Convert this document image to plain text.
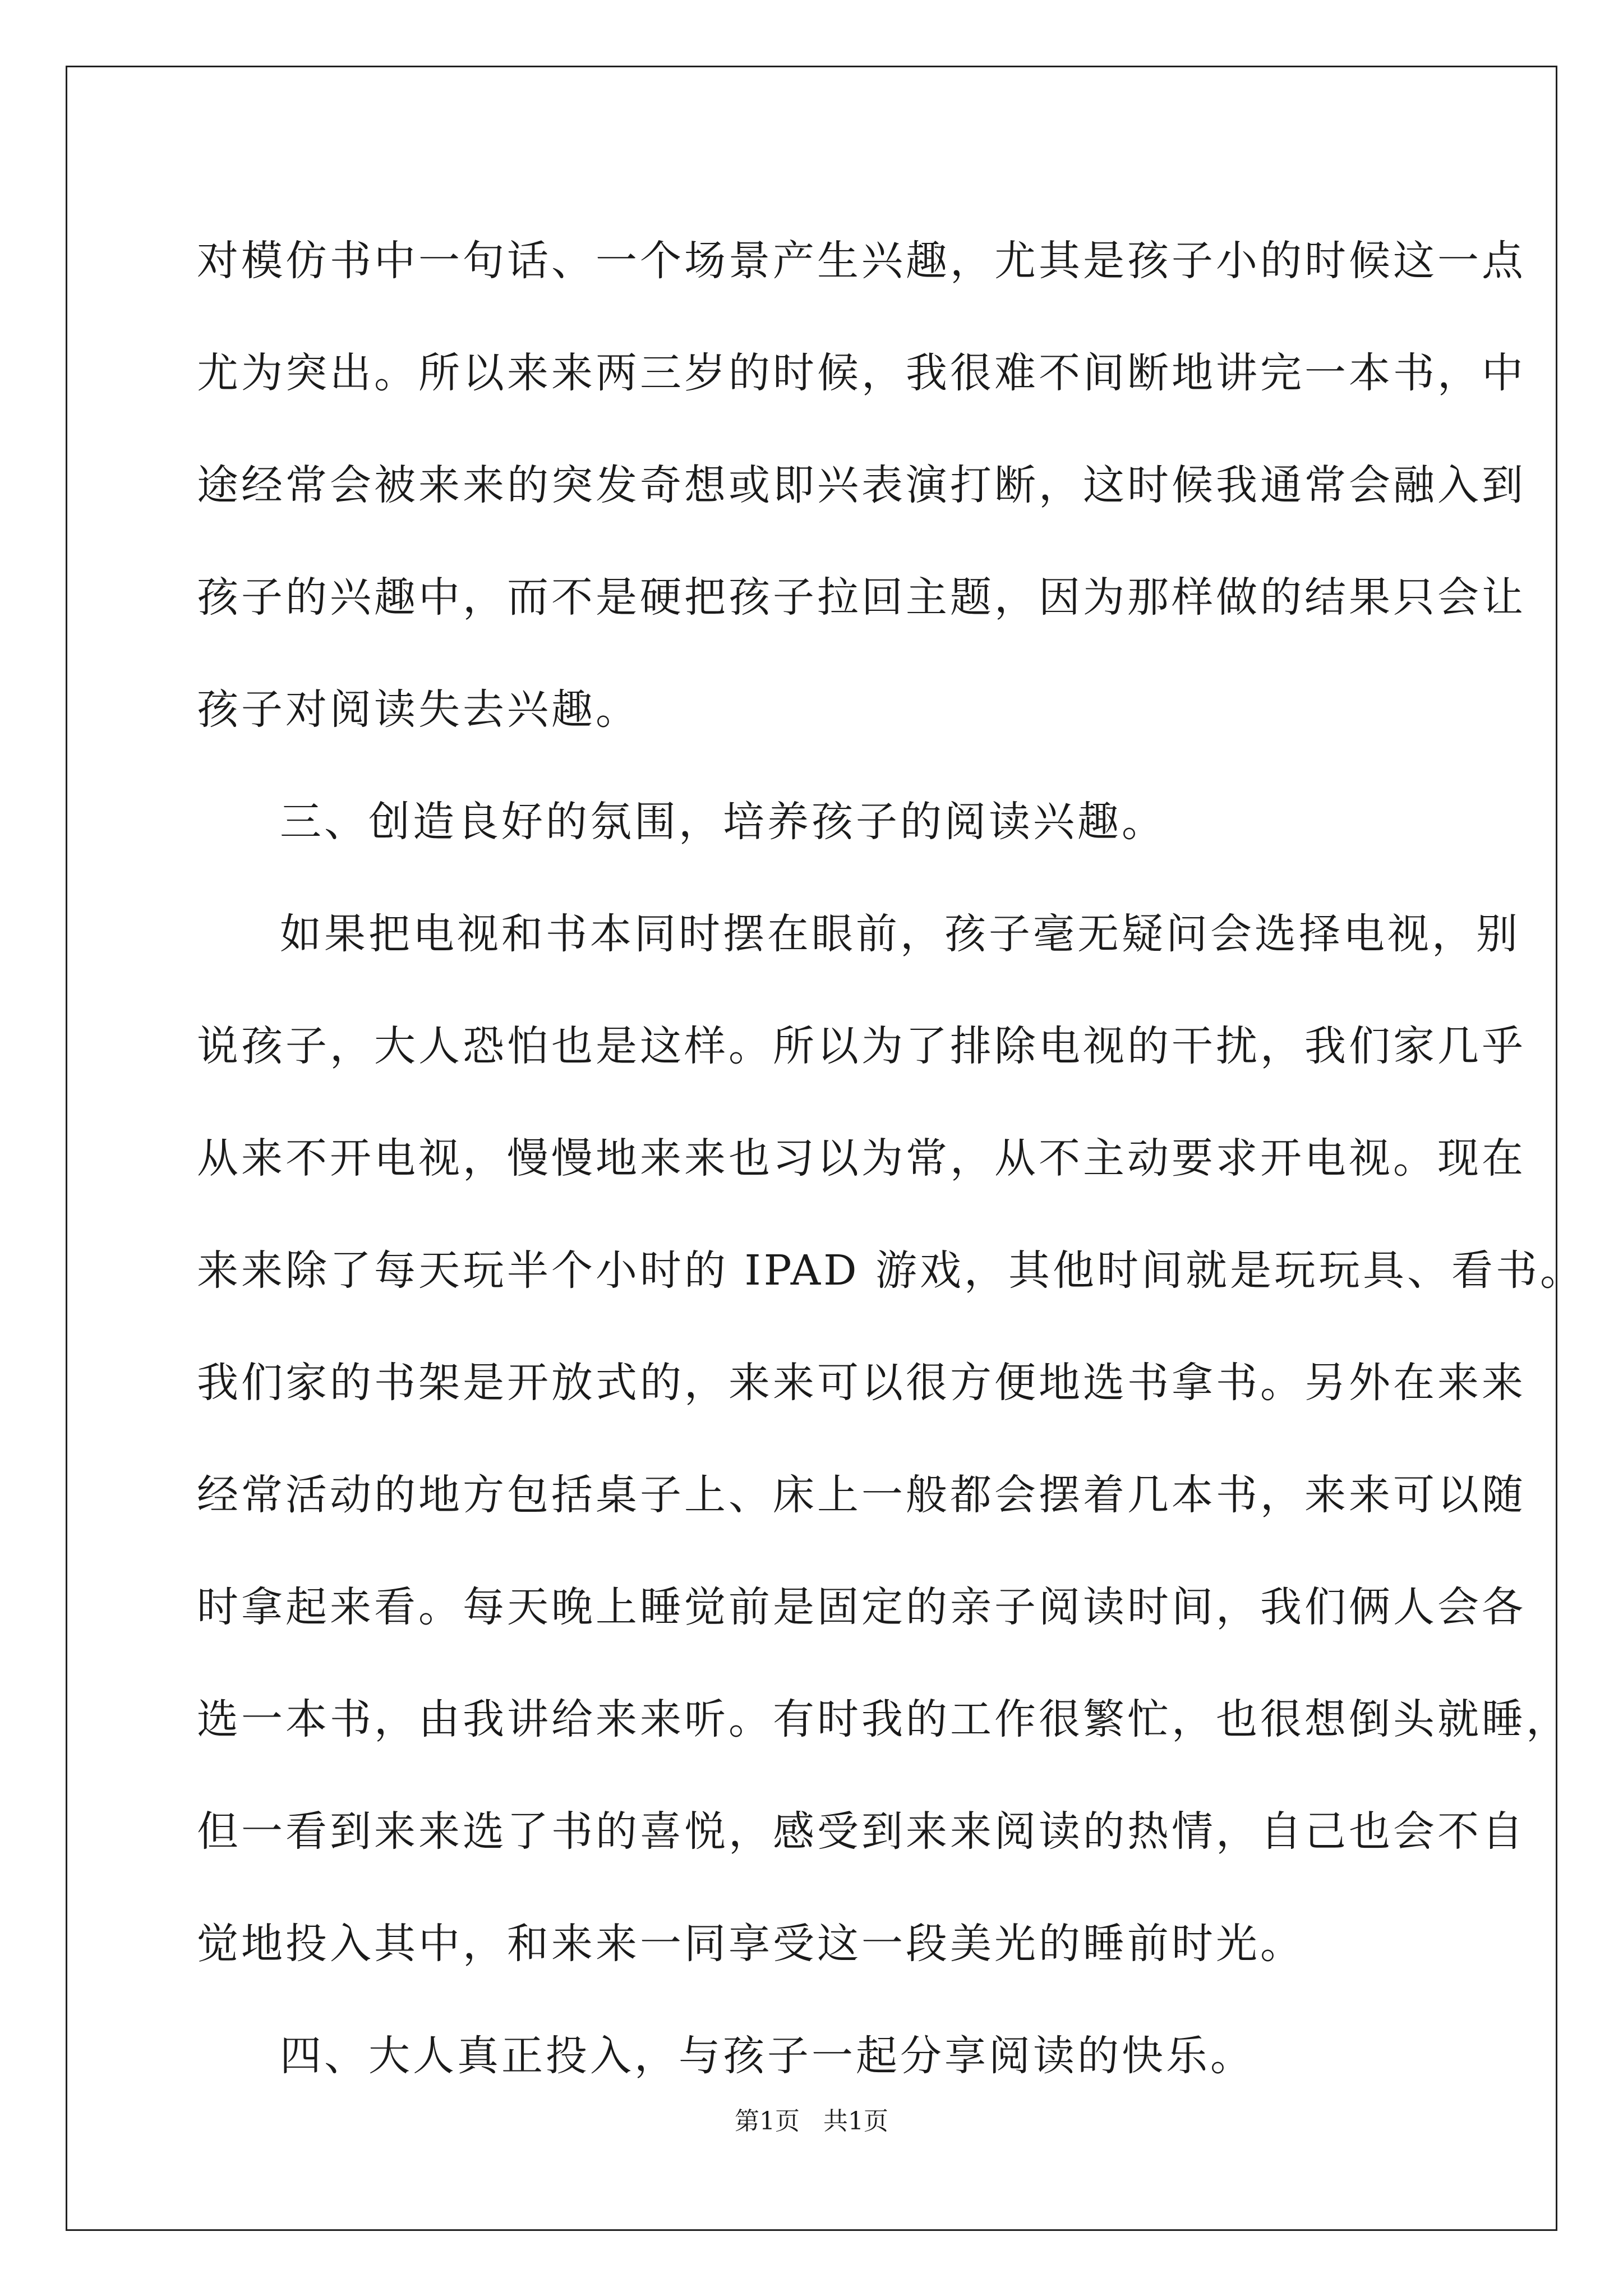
对模仿书中一句话、一个场景产生兴趣，尤其是孩子小的时候这一点
尤为突出。所以来来两三岁的时候，我很难不间断地讲完一本书，中
途经常会被来来的突发奇想或即兴表演打断，这时候我通常会融入到
孩子的兴趣中，而不是硬把孩子拉回主题，因为那样做的结果只会让
孩子对阅读失去兴趣。
三、创造良好的氛围，培养孩子的阅读兴趣。
如果把电视和书本同时摆在眼前，孩子毫无疑问会选择电视，别
说孩子，大人恐怕也是这样。所以为了排除电视的干扰，我们家几乎
从来不开电视，慢慢地来来也习以为常，从不主动要求开电视。现在
来来除了每天玩半个小时的 IPAD 游戏，其他时间就是玩玩具、看书。
我们家的书架是开放式的，来来可以很方便地选书拿书。另外在来来
经常活动的地方包括桌子上、床上一般都会摆着几本书，来来可以随
时拿起来看。每天晚上睡觉前是固定的亲子阅读时间，我们俩人会各
选一本书，由我讲给来来听。有时我的工作很繁忙，也很想倒头就睡，
但一看到来来选了书的喜悦，感受到来来阅读的热情，自己也会不自
觉地投入其中，和来来一同享受这一段美光的睡前时光。
四、大人真正投入，与孩子一起分享阅读的快乐。
第1页 共1页
